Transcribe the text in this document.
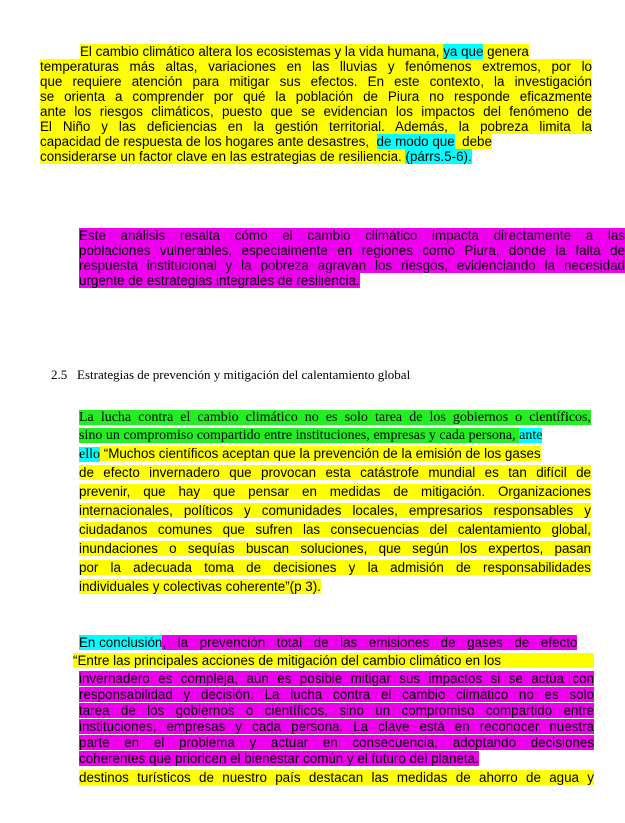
El cambio climático altera los ecosistemas y la vida humana, ya que genera
temperaturas más altas, variaciones en las lluvias y fenómenos extremos, por lo
que requiere atención para mitigar sus efectos. En este contexto, la investigación
se orienta a comprender por qué la población de Piura no responde eficazmente
ante los riesgos climáticos, puesto que se evidencian los impactos del fenómeno de
El Niño y las deficiencias en la gestión territorial. Además, la pobreza limita la
capacidad de respuesta de los hogares ante desastres, de modo que debe
considerarse un factor clave en las estrategias de resiliencia. (párrs.5-6).
Este análisis resalta cómo el cambio climático impacta directamente a las
poblaciones vulnerables, especialmente en regiones como Piura, donde la falta de
respuesta institucional y la pobreza agravan los riesgos, evidenciando la necesidad
urgente de estrategias integrales de resiliencia.
2.5 Estrategias de prevención y mitigación del calentamiento global
La lucha contra el cambio climático no es solo tarea de los gobiernos o científicos,
sino un compromiso compartido entre instituciones, empresas y cada persona, ante
ello “Muchos científicos aceptan que la prevención de la emisión de los gases
de efecto invernadero que provocan esta catástrofe mundial es tan difícil de
prevenir, que hay que pensar en medidas de mitigación. Organizaciones
internacionales, políticos y comunidades locales, empresarios responsables y
ciudadanos comunes que sufren las consecuencias del calentamiento global,
inundaciones o sequías buscan soluciones, que según los expertos, pasan
por la adecuada toma de decisiones y la admisión de responsabilidades
individuales y colectivas coherente”(p 3).
En conclusión, la prevención total de las emisiones de gases de efecto
“Entre las principales acciones de mitigación del cambio climático en los
invernadero es compleja, aún es posible mitigar sus impactos si se actúa con
responsabilidad y decisión. La lucha contra el cambio climático no es solo
tarea de los gobiernos o científicos, sino un compromiso compartido entre
instituciones, empresas y cada persona. La clave está en reconocer nuestra
parte en el problema y actuar en consecuencia, adoptando decisiones
coherentes que prioricen el bienestar común y el futuro del planeta.
destinos turísticos de nuestro país destacan las medidas de ahorro de agua y
